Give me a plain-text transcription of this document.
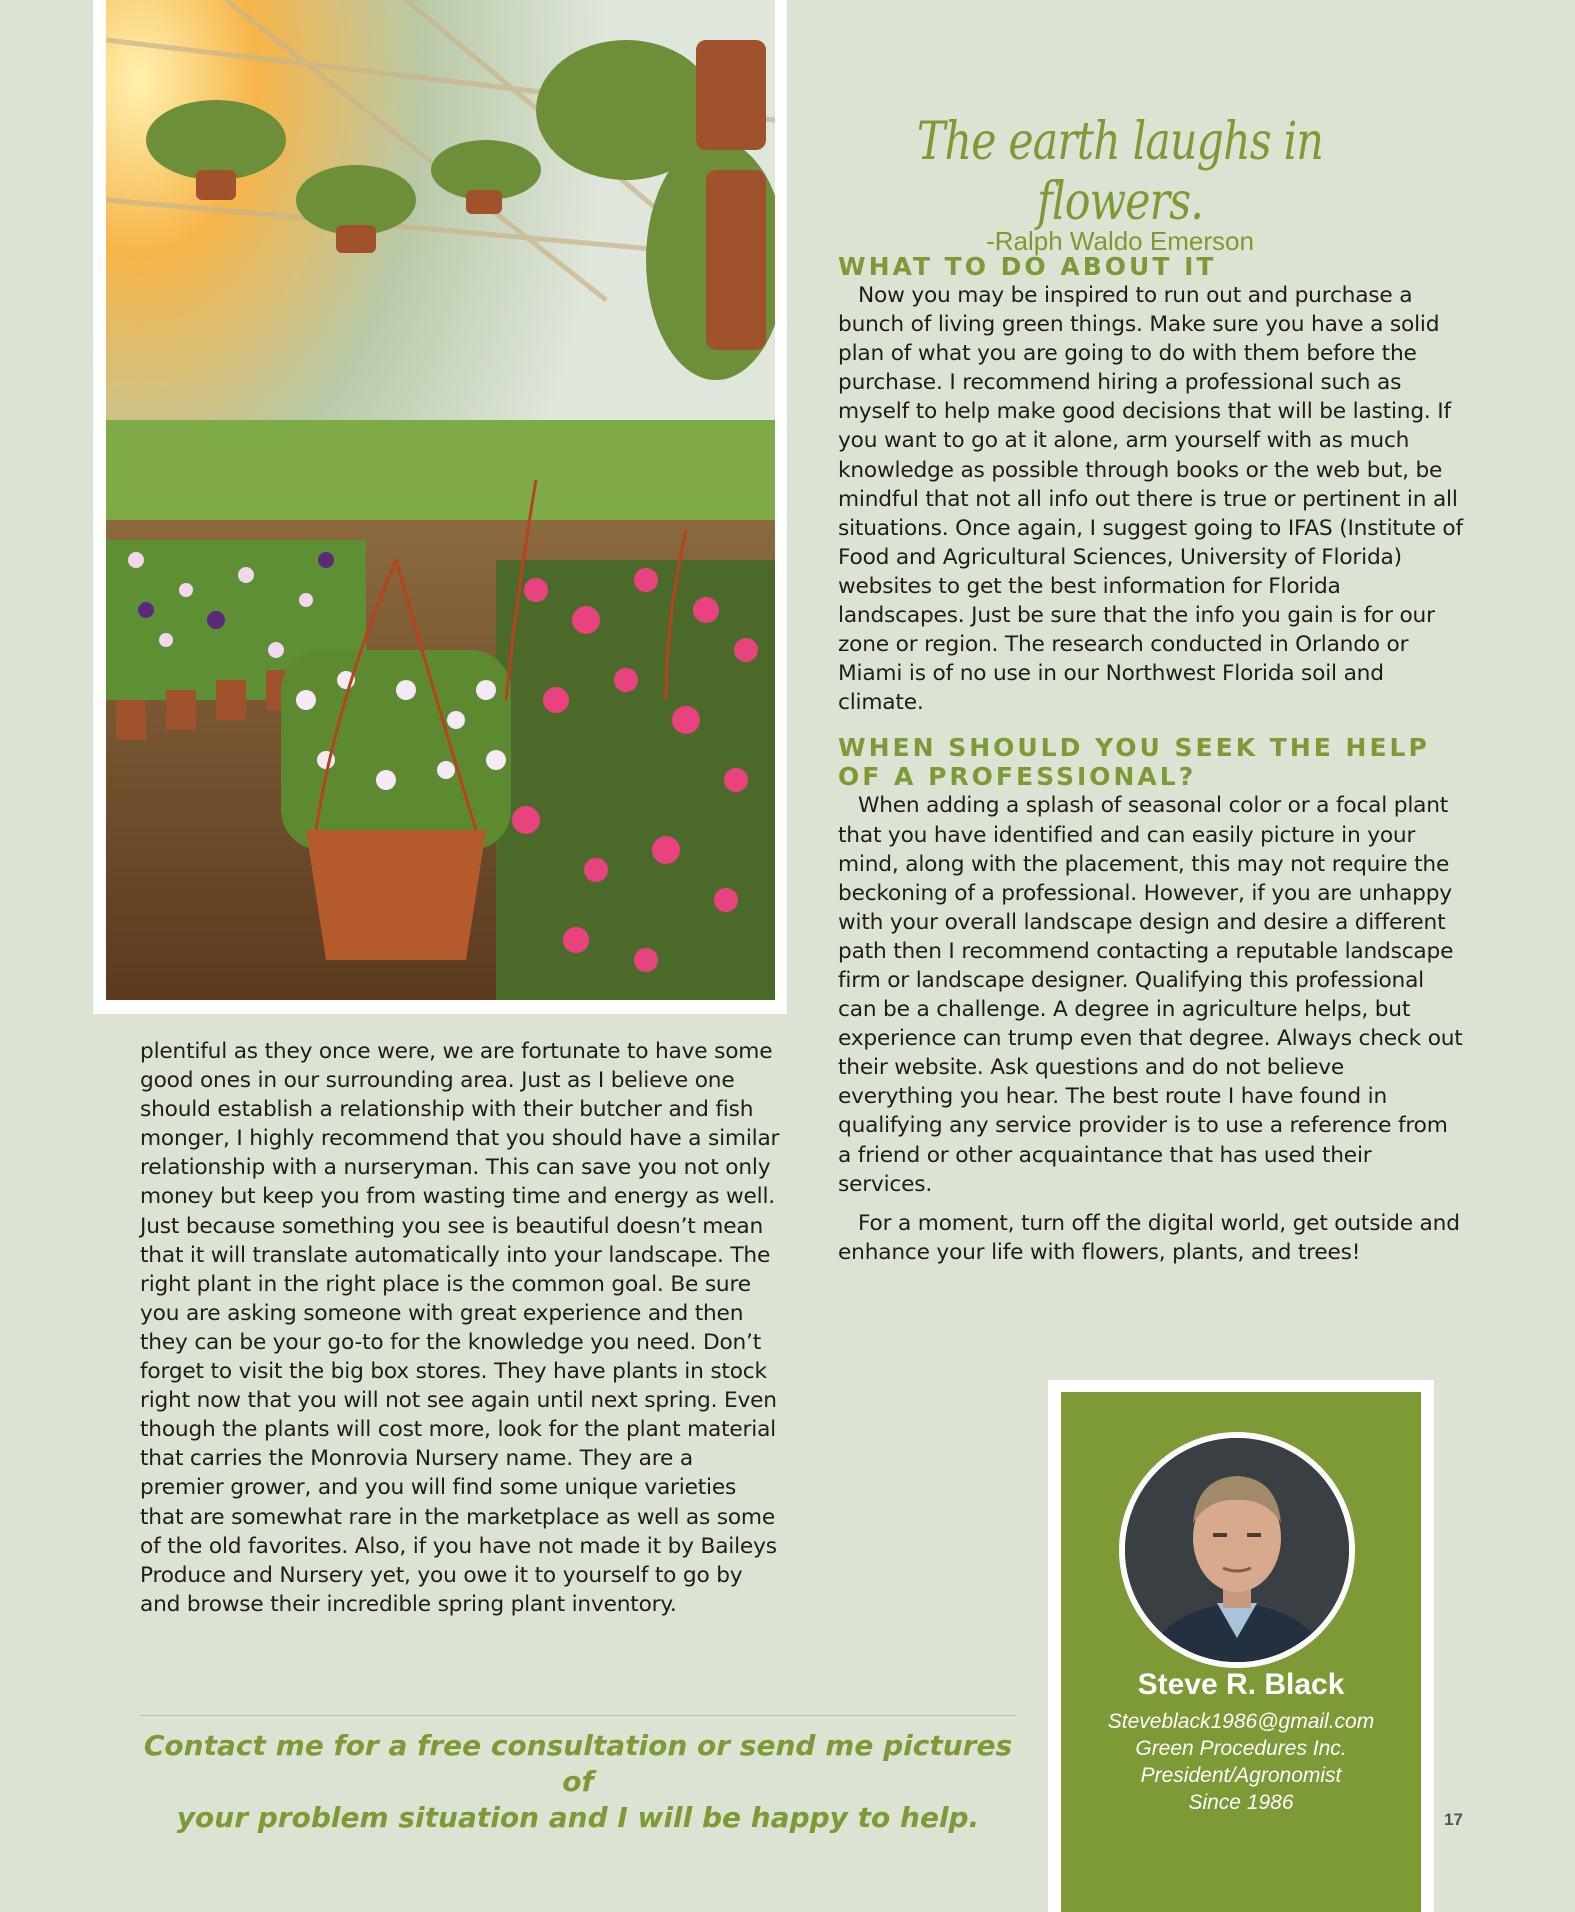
The earth laughs in flowers.
-Ralph Waldo Emerson
WHAT TO DO ABOUT IT

Now you may be inspired to run out and purchase a bunch of living green things. Make sure you have a solid plan of what you are going to do with them before the purchase. I recommend hiring a professional such as myself to help make good decisions that will be lasting. If you want to go at it alone, arm yourself with as much knowledge as possible through books or the web but, be mindful that not all info out there is true or pertinent in all situations. Once again, I suggest going to IFAS (Institute of Food and Agricultural Sciences, University of Florida) websites to get the best information for Florida landscapes. Just be sure that the info you gain is for our zone or region. The research conducted in Orlando or Miami is of no use in our Northwest Florida soil and climate.

WHEN SHOULD YOU SEEK THE HELP OF A PROFESSIONAL?

When adding a splash of seasonal color or a focal plant that you have identified and can easily picture in your mind, along with the placement, this may not require the beckoning of a professional. However, if you are unhappy with your overall landscape design and desire a different path then I recommend contacting a reputable landscape firm or landscape designer. Qualifying this professional can be a challenge. A degree in agriculture helps, but experience can trump even that degree. Always check out their website. Ask questions and do not believe everything you hear. The best route I have found in qualifying any service provider is to use a reference from a friend or other acquaintance that has used their services.

For a moment, turn off the digital world, get outside and enhance your life with flowers, plants, and trees!

plentiful as they once were, we are fortunate to have some good ones in our surrounding area. Just as I believe one should establish a relationship with their butcher and fish monger, I highly recommend that you should have a similar relationship with a nurseryman. This can save you not only money but keep you from wasting time and energy as well. Just because something you see is beautiful doesn’t mean that it will translate automatically into your landscape. The right plant in the right place is the common goal. Be sure you are asking someone with great experience and then they can be your go-to for the knowledge you need. Don’t forget to visit the big box stores. They have plants in stock right now that you will not see again until next spring. Even though the plants will cost more, look for the plant material that carries the Monrovia Nursery name. They are a premier grower, and you will find some unique varieties that are somewhat rare in the marketplace as well as some of the old favorites. Also, if you have not made it by Baileys Produce and Nursery yet, you owe it to yourself to go by and browse their incredible spring plant inventory.

Contact me for a free consultation or send me pictures of
your problem situation and I will be happy to help.
Steve R. Black
Steveblack1986@gmail.com
Green Procedures Inc.
President/Agronomist
Since 1986
17
